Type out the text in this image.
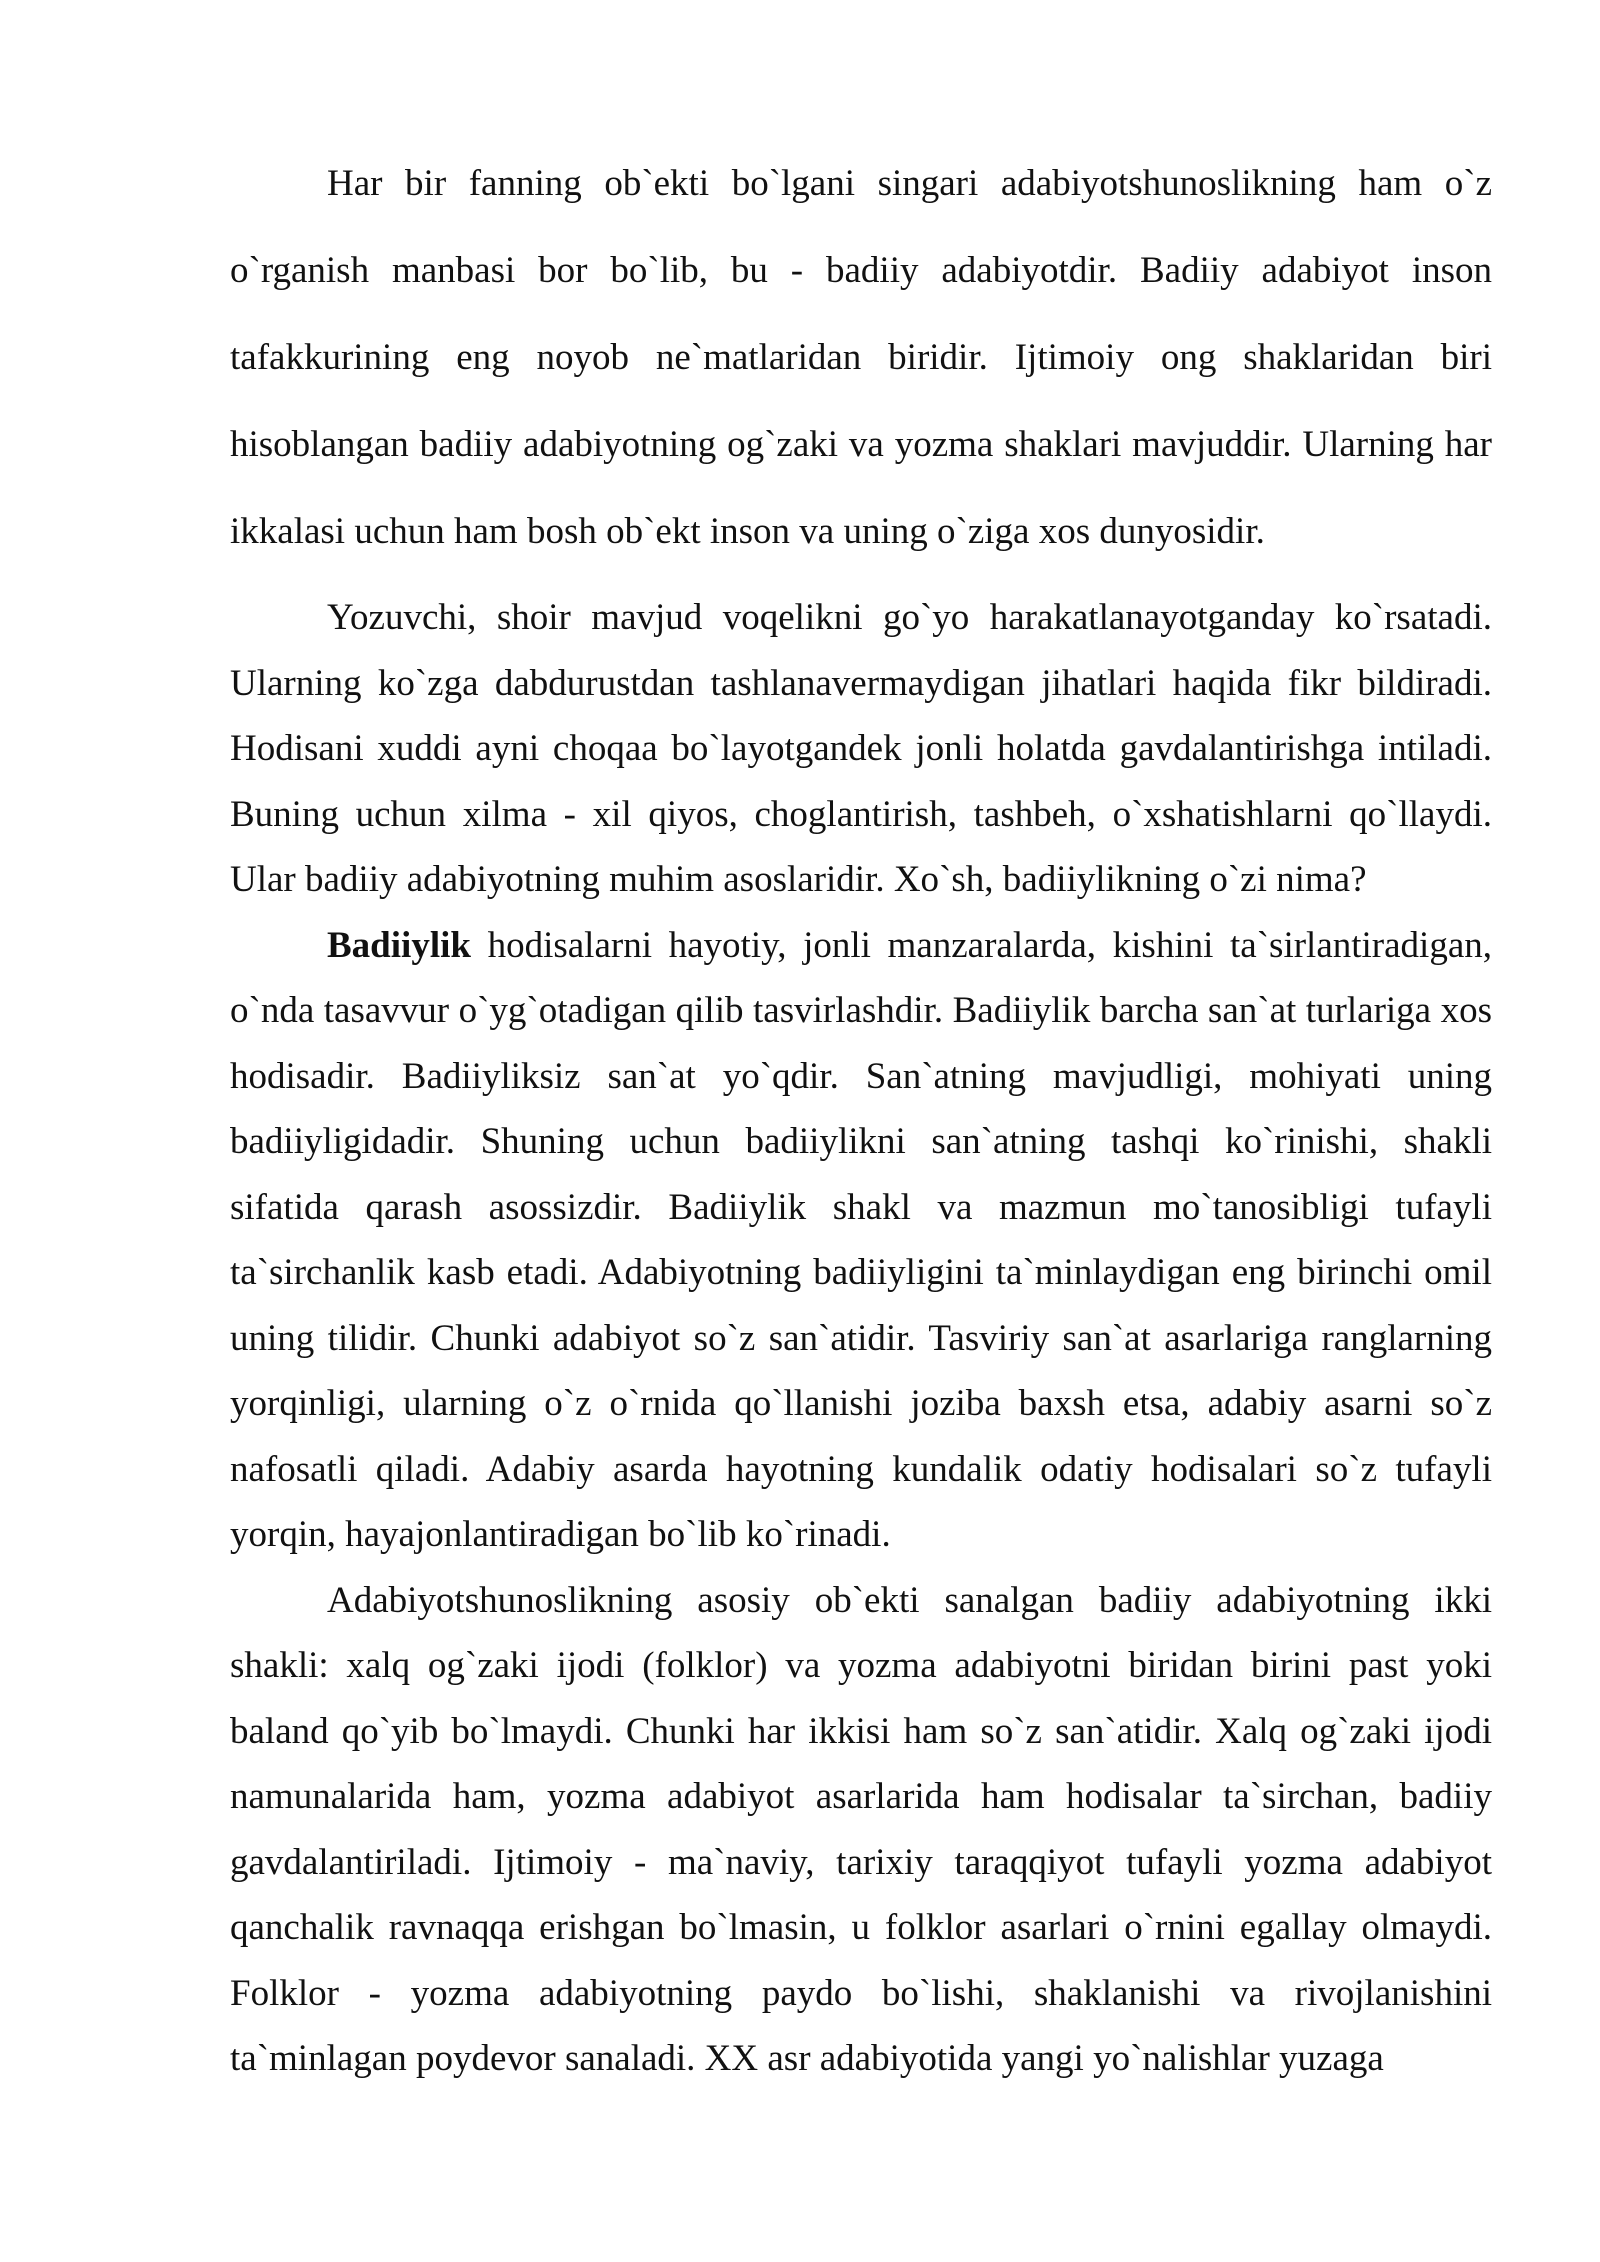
Har bir fanning ob`ekti bo`lgani singari adabiyotshunoslikning ham o`z o`rganish manbasi bor bo`lib, bu - badiiy adabiyotdir. Badiiy adabiyot inson tafakkurining eng noyob ne`matlaridan biridir. Ijtimoiy ong shaklaridan biri hisoblangan badiiy adabiyotning og`zaki va yozma shaklari mavjuddir. Ularning har ikkalasi uchun ham bosh ob`ekt inson va uning o`ziga xos dunyosidir.

Yozuvchi, shoir mavjud voqelikni go`yo harakatlanayotganday ko`rsatadi. Ularning ko`zga dabdurustdan tashlanavermaydigan jihatlari haqida fikr bildiradi. Hodisani xuddi ayni choqaa bo`layotgandek jonli holatda gavdalantirishga intiladi. Buning uchun xilma - xil qiyos, choglantirish, tashbeh, o`xshatishlarni qo`llaydi. Ular badiiy adabiyotning muhim asoslaridir. Xo`sh, badiiylikning o`zi nima?

Badiiylik hodisalarni hayotiy, jonli manzaralarda, kishini ta`sirlantiradigan, o`nda tasavvur o`yg`otadigan qilib tasvirlashdir. Badiiylik barcha san`at turlariga xos hodisadir. Badiiyliksiz san`at yo`qdir. San`atning mavjudligi, mohiyati uning badiiyligidadir. Shuning uchun badiiylikni san`atning tashqi ko`rinishi, shakli sifatida qarash asossizdir. Badiiylik shakl va mazmun mo`tanosibligi tufayli ta`sirchanlik kasb etadi. Adabiyotning badiiyligini ta`minlaydigan eng birinchi omil uning tilidir. Chunki adabiyot so`z san`atidir. Tasviriy san`at asarlariga ranglarning yorqinligi, ularning o`z o`rnida qo`llanishi joziba baxsh etsa, adabiy asarni so`z nafosatli qiladi. Adabiy asarda hayotning kundalik odatiy hodisalari so`z tufayli yorqin, hayajonlantiradigan bo`lib ko`rinadi.

Adabiyotshunoslikning asosiy ob`ekti sanalgan badiiy adabiyotning ikki shakli: xalq og`zaki ijodi (folklor) va yozma adabiyotni biridan birini past yoki baland qo`yib bo`lmaydi. Chunki har ikkisi ham so`z san`atidir. Xalq og`zaki ijodi namunalarida ham, yozma adabiyot asarlarida ham hodisalar ta`sirchan, badiiy gavdalantiriladi. Ijtimoiy - ma`naviy, tarixiy taraqqiyot tufayli yozma adabiyot qanchalik ravnaqqa erishgan bo`lmasin, u folklor asarlari o`rnini egallay olmaydi. Folklor - yozma adabiyotning paydo bo`lishi, shaklanishi va rivojlanishini ta`minlagan poydevor sanaladi. XX asr adabiyotida yangi yo`nalishlar yuzaga
